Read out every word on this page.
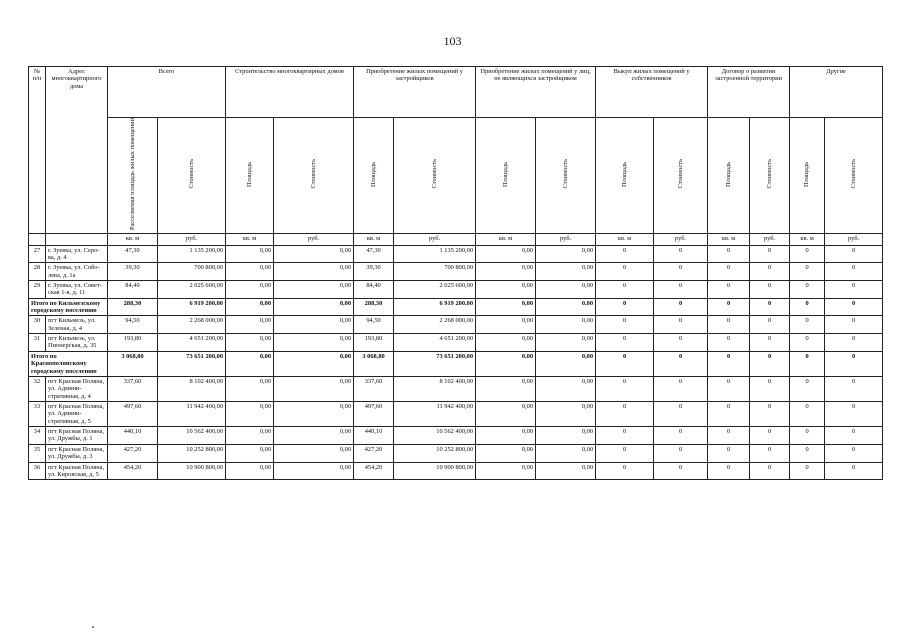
103
№ п/п	Адрес многоквартирного дома	Всего		Строительство многоквартирных домов		Приобретение жилых помещений у застройщиков		Приобретение жилых помещений у лиц, не являющихся застройщиком		Выкуп жилых помещений у собственников		Договор о развитии застроенной территории		Другие	
		Расселяемая площадь жилых помещений	Стоимость	Площадь	Стоимость	Площадь	Стоимость	Площадь	Стоимость	Площадь	Стоимость	Площадь	Стоимость	Площадь	Стоимость
		кв. м	руб.	кв. м	руб.	кв. м	руб.	кв. м	руб.	кв. м	руб.	кв. м	руб.	кв. м	руб.
27	г. Зуевка, ул. Серо-ва, д. 4	47,30	1 135 200,00	0,00	0,00	47,30	1 135 200,00	0,00	0,00	0	0	0	0	0	0
28	г. Зуевка, ул. Собо-лева, д. 1а	39,30	700 800,00	0,00	0,00	39,30	700 800,00	0,00	0,00	0	0	0	0	0	0
29	г. Зуевка, ул. Совет-ская 1-я, д. 11	84,40	2 025 600,00	0,00	0,00	84,40	2 025 600,00	0,00	0,00	0	0	0	0	0	0
Итого по Кильмезскому городскому поселению		288,30	6 919 200,00	0,00	0,00	288,30	6 919 200,00	0,00	0,00	0	0	0	0	0	0
30	пгт Кильмезь, ул. Зеленая, д. 4	94,50	2 268 000,00	0,00	0,00	94,50	2 268 000,00	0,00	0,00	0	0	0	0	0	0
31	пгт Кильмезь, ул. Пионерская, д. 35	193,80	4 651 200,00	0,00	0,00	193,80	4 651 200,00	0,00	0,00	0	0	0	0	0	0
Итого по Краснополянскому городскому поселению		3 068,80	73 651 200,00	0,00	0,00	3 068,80	73 651 200,00	0,00	0,00	0	0	0	0	0	0
32	пгт Красная Поляна, ул. Админи-стративная, д. 4	337,60	8 102 400,00	0,00	0,00	337,60	8 102 400,00	0,00	0,00	0	0	0	0	0	0
33	пгт Красная Поляна, ул. Админи-стративная, д. 5	497,60	11 942 400,00	0,00	0,00	497,60	11 942 400,00	0,00	0,00	0	0	0	0	0	0
34	пгт Красная Поляна, ул. Дружбы, д. 1	440,10	10 562 400,00	0,00	0,00	440,10	10 562 400,00	0,00	0,00	0	0	0	0	0	0
35	пгт Красная Поляна, ул. Дружбы, д. 3	427,20	10 252 800,00	0,00	0,00	427,20	10 252 800,00	0,00	0,00	0	0	0	0	0	0
36	пгт Красная Поляна, ул. Кировская, д. 5	454,20	10 900 800,00	0,00	0,00	454,20	10 900 800,00	0,00	0,00	0	0	0	0	0	0
